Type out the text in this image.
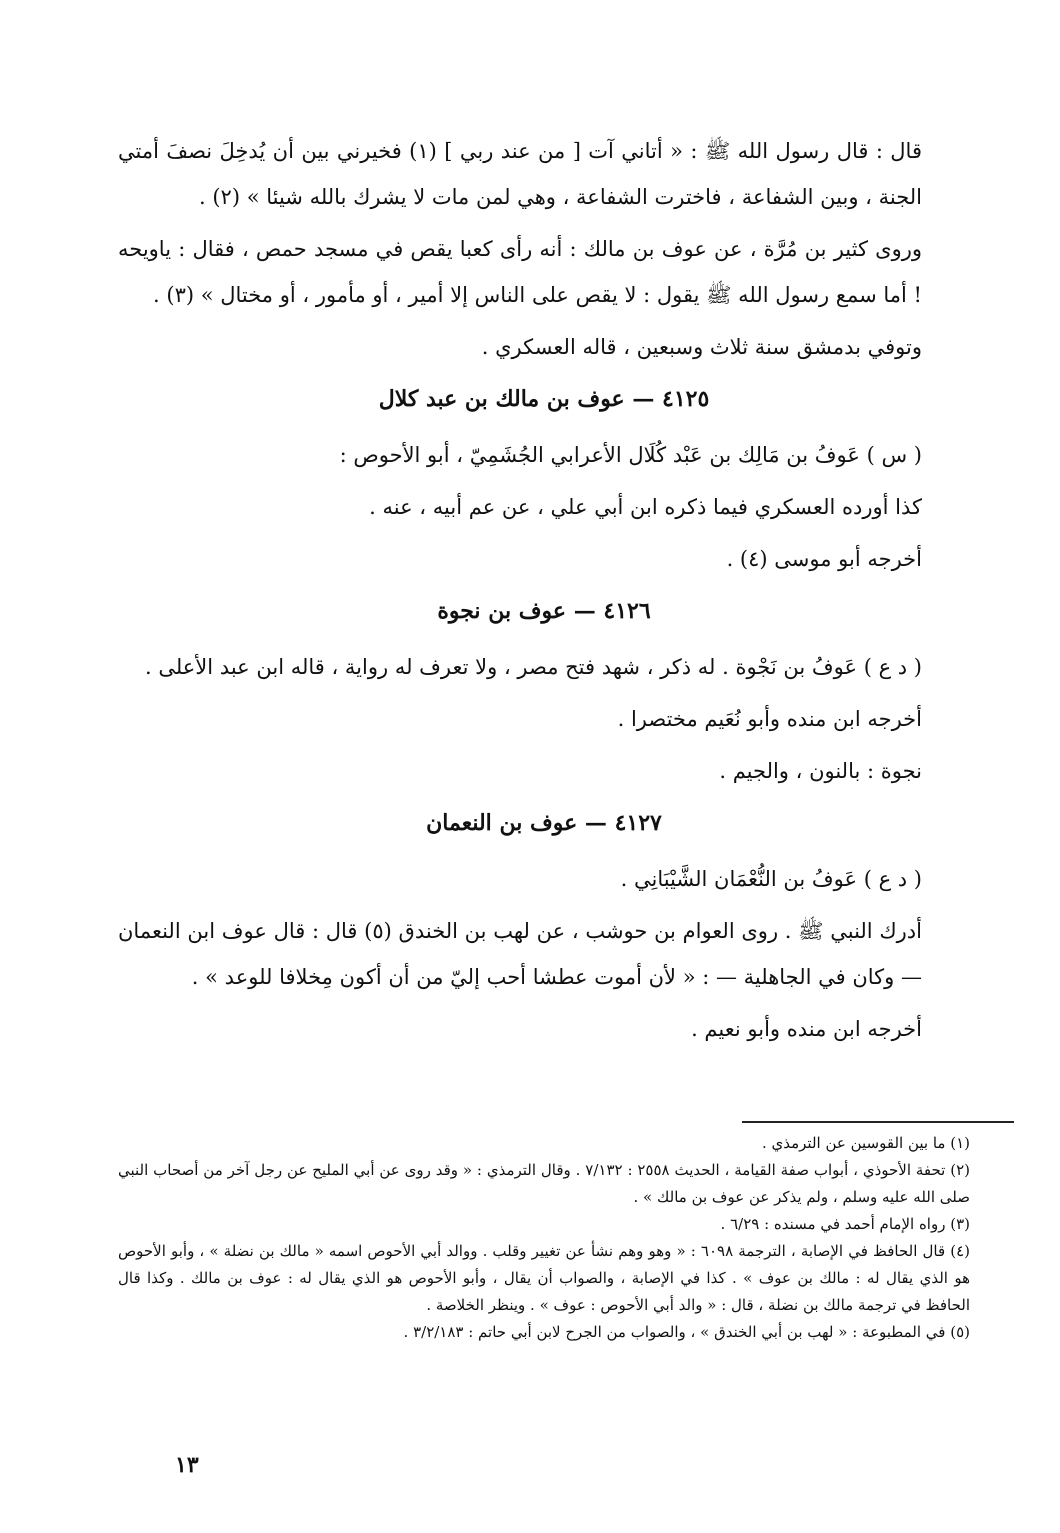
قال : قال رسول الله ﷺ : « أتاني آت [ من عند ربي ] (١) فخيرني بين أن يُدخِلَ نصفَ أمتي الجنة ، وبين الشفاعة ، فاخترت الشفاعة ، وهي لمن مات لا يشرك بالله شيئا » (٢) .

وروى كثير بن مُرَّة ، عن عوف بن مالك : أنه رأى كعبا يقص في مسجد حمص ، فقال : ياويحه ! أما سمع رسول الله ﷺ يقول : لا يقص على الناس إلا أمير ، أو مأمور ، أو مختال » (٣) .

وتوفي بدمشق سنة ثلاث وسبعين ، قاله العسكري .

٤١٢٥ — عوف بن مالك بن عبد كلال

( س ) عَوفُ بن مَالِك بن عَبْد كُلَال الأعرابي الجُشَمِيّ ، أبو الأحوص :

كذا أورده العسكري فيما ذكره ابن أبي علي ، عن عم أبيه ، عنه .

أخرجه أبو موسى (٤) .

٤١٢٦ — عوف بن نجوة

( د ع ) عَوفُ بن نَجْوة . له ذكر ، شهد فتح مصر ، ولا تعرف له رواية ، قاله ابن عبد الأعلى .

أخرجه ابن منده وأبو نُعَيم مختصرا .

نجوة : بالنون ، والجيم .

٤١٢٧ — عوف بن النعمان

( د ع ) عَوفُ بن النُّعْمَان الشَّيْبَانِي .

أدرك النبي ﷺ . روى العوام بن حوشب ، عن لهب بن الخندق (٥) قال : قال عوف ابن النعمان — وكان في الجاهلية — : « لأن أموت عطشا أحب إليّ من أن أكون مِخلافا للوعد » .

أخرجه ابن منده وأبو نعيم .

(١) ما بين القوسين عن الترمذي .

(٢) تحفة الأحوذي ، أبواب صفة القيامة ، الحديث ٢٥٥٨ : ٧/١٣٢ . وقال الترمذي : « وقد روى عن أبي المليح عن رجل آخر من أصحاب النبي صلى الله عليه وسلم ، ولم يذكر عن عوف بن مالك » .

(٣) رواه الإمام أحمد في مسنده : ٦/٢٩ .

(٤) قال الحافظ في الإصابة ، الترجمة ٦٠٩٨ : « وهو وهم نشأ عن تغيير وقلب . ووالد أبي الأحوص اسمه « مالك بن نضلة » ، وأبو الأحوص هو الذي يقال له : مالك بن عوف » . كذا في الإصابة ، والصواب أن يقال ، وأبو الأحوص هو الذي يقال له : عوف بن مالك . وكذا قال الحافظ في ترجمة مالك بن نضلة ، قال : « والد أبي الأحوص : عوف » . وينظر الخلاصة .

(٥) في المطبوعة : « لهب بن أبي الخندق » ، والصواب من الجرح لابن أبي حاتم : ٣/٢/١٨٣ .

١٣
